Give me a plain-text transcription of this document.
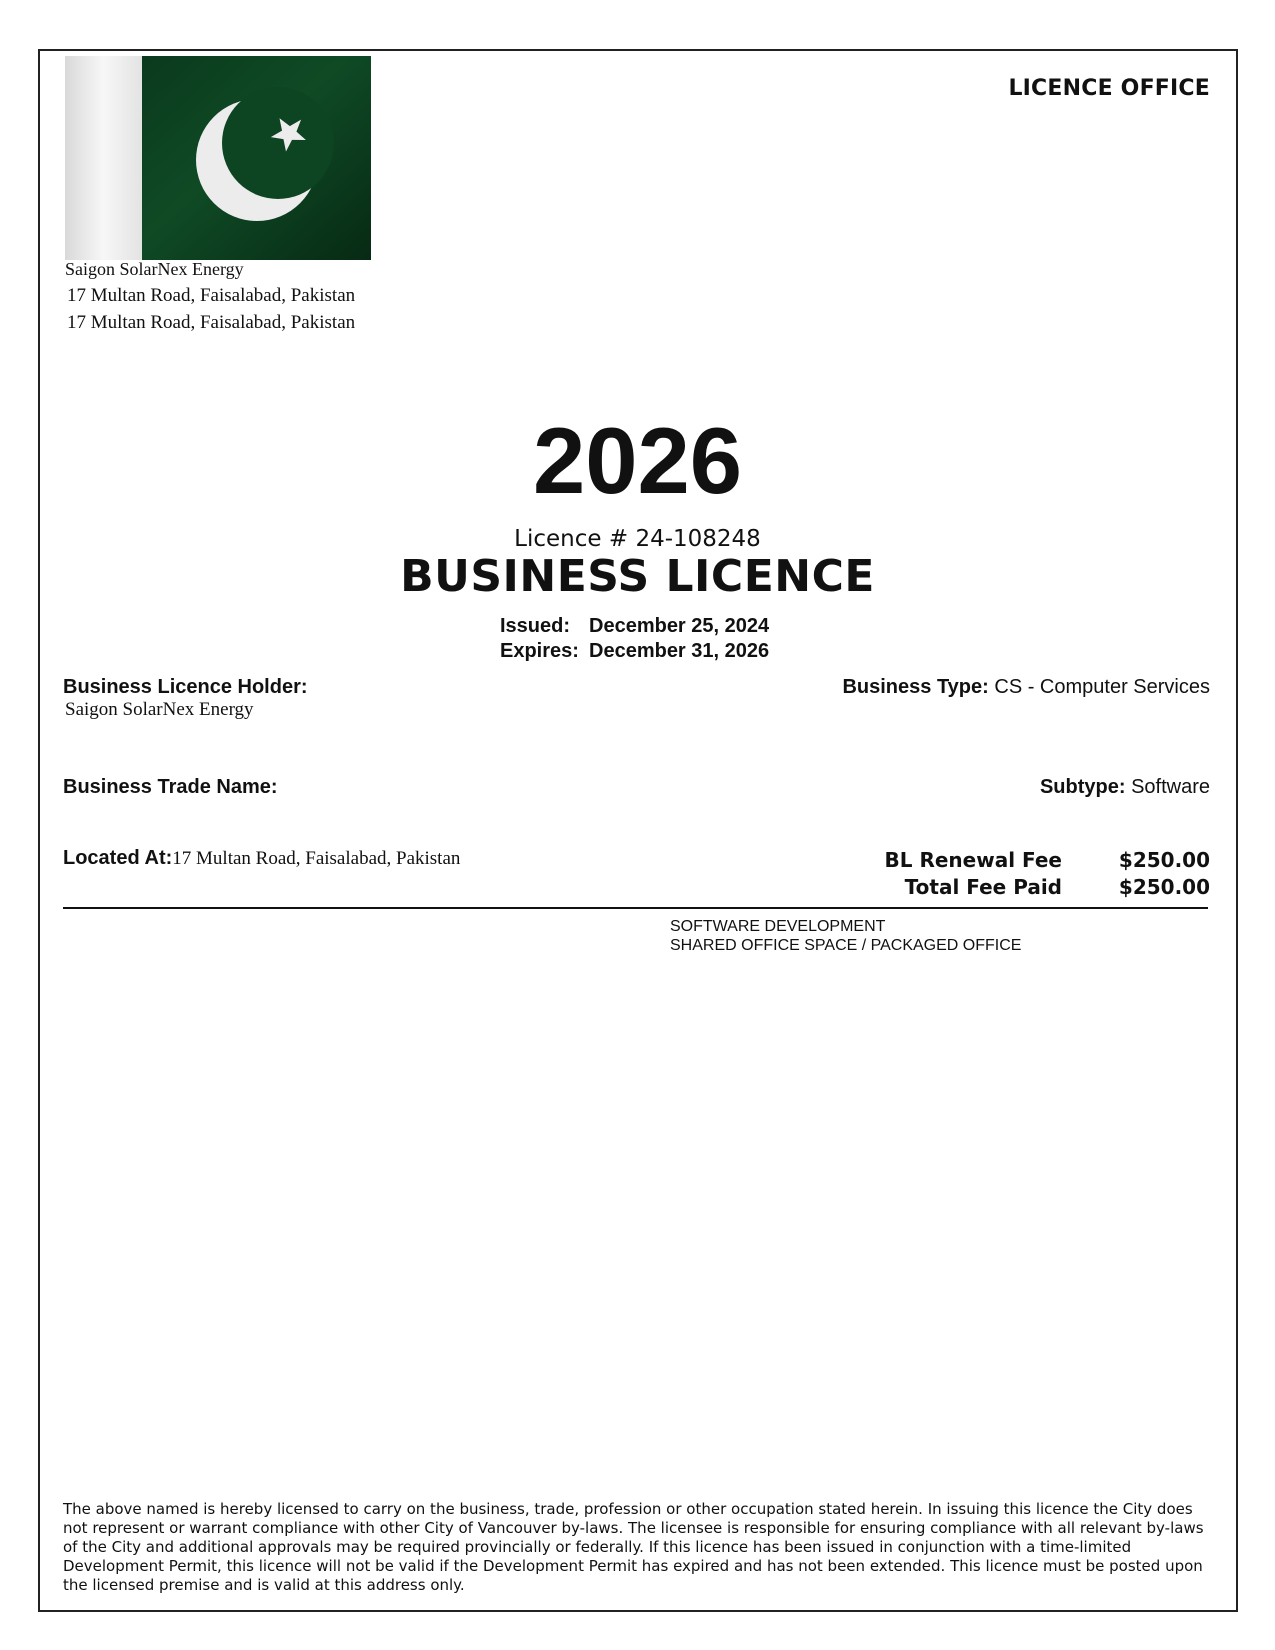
LICENCE OFFICE
Saigon SolarNex Energy
17 Multan Road, Faisalabad, Pakistan
17 Multan Road, Faisalabad, Pakistan
2026
Licence # 24-108248
BUSINESS LICENCE
Issued: December 25, 2024
Expires: December 31, 2026
Business Licence Holder:
Saigon SolarNex Energy
Business Type: CS - Computer Services
Business Trade Name:	Subtype: Software
Located At:17 Multan Road, Faisalabad, Pakistan	BL Renewal Fee	$250.00
Total Fee Paid	$250.00
SOFTWARE DEVELOPMENT
SHARED OFFICE SPACE / PACKAGED OFFICE
The above named is hereby licensed to carry on the business, trade, profession or other occupation stated herein. In issuing this licence the City does not represent or warrant compliance with other City of Vancouver by-laws. The licensee is responsible for ensuring compliance with all relevant by-laws of the City and additional approvals may be required provincially or federally. If this licence has been issued in conjunction with a time-limited Development Permit, this licence will not be valid if the Development Permit has expired and has not been extended. This licence must be posted upon the licensed premise and is valid at this address only.
